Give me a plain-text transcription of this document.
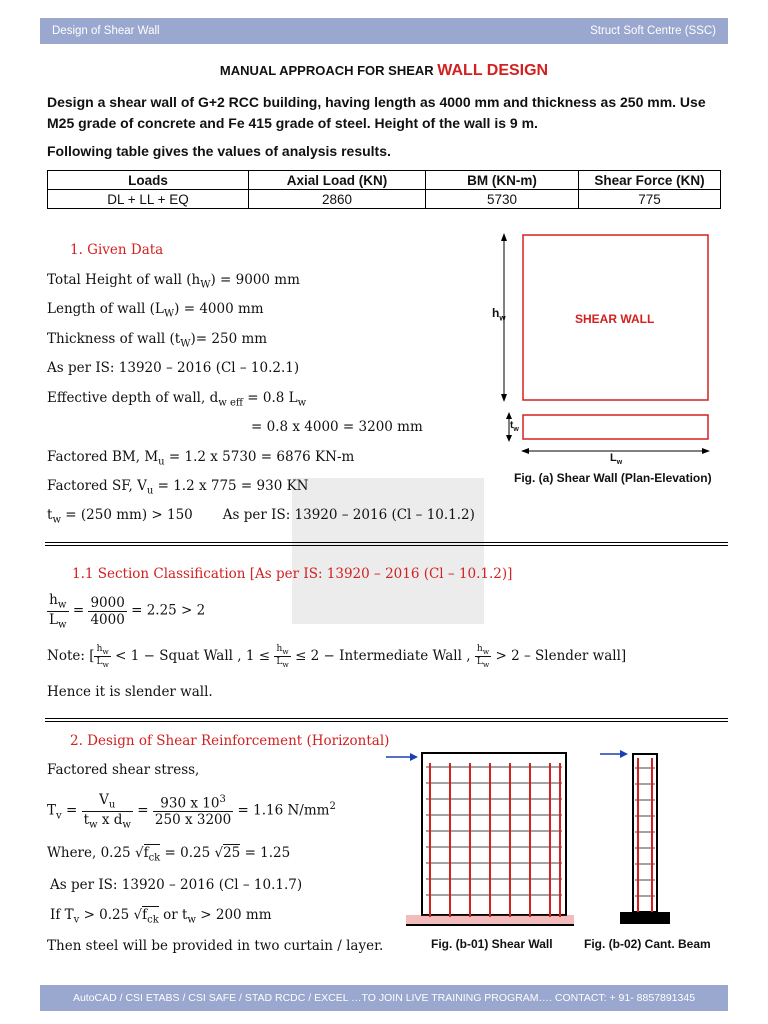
Design of Shear Wall	Struct Soft Centre (SSC)
MANUAL APPROACH FOR SHEAR WALL DESIGN
Design a shear wall of G+2 RCC building, having length as 4000 mm and thickness as 250 mm. Use M25 grade of concrete and Fe 415 grade of steel. Height of the wall is 9 m.
Following table gives the values of analysis results.
Loads	Axial Load (KN)	BM (KN-m)	Shear Force (KN)
DL + LL + EQ	2860	5730	775
1. Given Data
Total Height of wall $(h_W) = 9000$ mm
Length of wall $(L_W) = 4000$ mm
Thickness of wall $(t_W)= 250$ mm
As per IS: 13920 – 2016 (Cl – 10.2.1)
Effective depth of wall, $d_{w eff} = 0.8$ $L_w$
= 0.8 x 4000 = 3200 mm
Factored BM, $M_u = 1.2$ x 5730 = 6876 KN-m
Factored SF, $V_u = 1.2$ x 775 = 930 KN
$t_w = (250$ mm) > 150 As per IS: 13920 – 2016 (Cl – 10.1.2)
SHEAR WALL
$h_w$
$t_w$
$L_w$
Fig. (a) Shear Wall (Plan-Elevation)
1.1 Section Classification [As per IS: 13920 – 2016 (Cl – 10.1.2)]
$\frac{h_w}{L_w} = \frac{9000}{4000} = 2.25 > 2$
Note: [ $\frac{h_w}{L_w} < 1$ − Squat Wall , $1 \le \frac{h_w}{L_w} \le 2$ − Intermediate Wall , $\frac{h_w}{L_w} > 2$ – Slender wall]
Hence it is slender wall.
2. Design of Shear Reinforcement (Horizontal)
Factored shear stress,
$T_v = \frac{V_u}{t_w x d_w} = \frac{930 x 10^3}{250 x 3200} = 1.16$ $N/mm^2$
Where, 0.25 $√f_{ck} = 0.25$ √25 = 1.25
As per IS: 13920 – 2016 (Cl – 10.1.7)
If $T_v > 0.25$ $√f_{ck}$ or $t_w > 200$ mm
Then steel will be provided in two curtain / layer.	Fig. (b-01) Shear Wall	Fig. (b-02) Cant. Beam
AutoCAD / CSI ETABS / CSI SAFE / STAD RCDC / EXCEL …TO JOIN LIVE TRAINING PROGRAM…. CONTACT: + 91- 8857891345
